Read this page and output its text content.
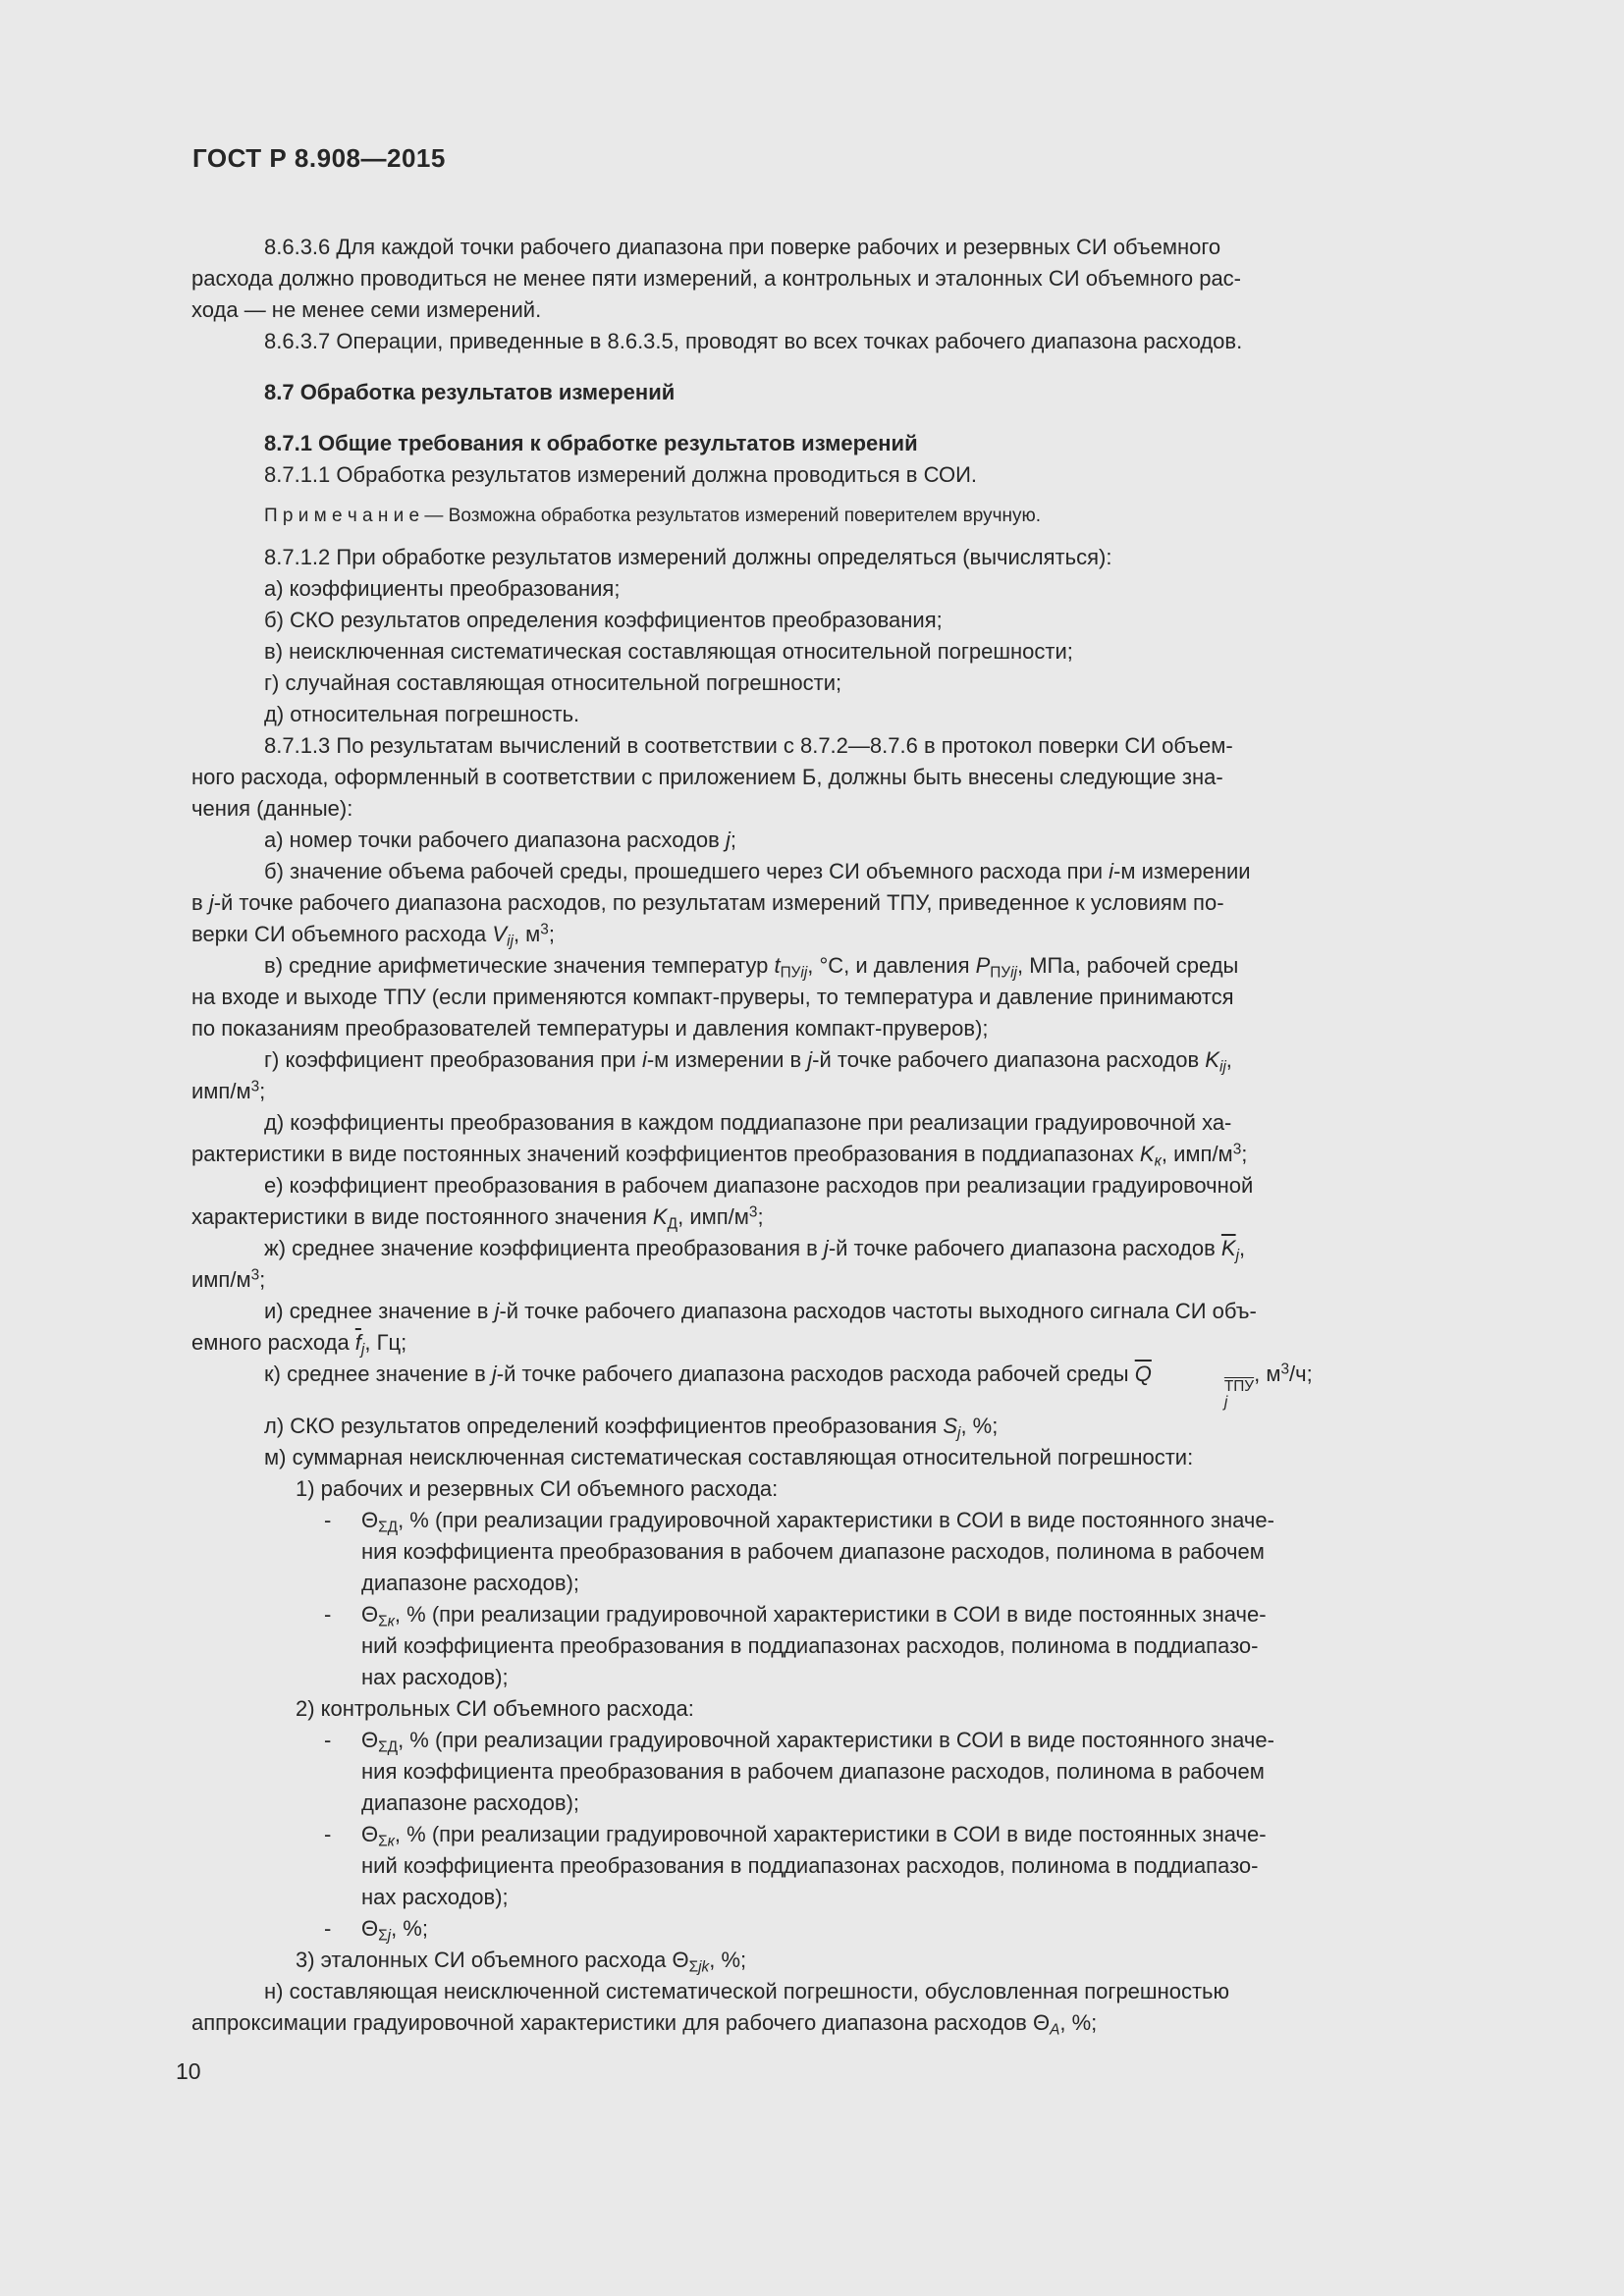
ГОСТ Р 8.908—2015

8.6.3.6 Для каждой точки рабочего диапазона при поверке рабочих и резервных СИ объемного
расхода должно проводиться не менее пяти измерений, а контрольных и эталонных СИ объемного рас-
хода — не менее семи измерений.

8.6.3.7 Операции, приведенные в 8.6.3.5, проводят во всех точках рабочего диапазона расходов.

8.7 Обработка результатов измерений

8.7.1 Общие требования к обработке результатов измерений

8.7.1.1 Обработка результатов измерений должна проводиться в СОИ.

П р и м е ч а н и е — Возможна обработка результатов измерений поверителем вручную.

8.7.1.2 При обработке результатов измерений должны определяться (вычисляться):

а) коэффициенты преобразования;

б) СКО результатов определения коэффициентов преобразования;

в) неисключенная систематическая составляющая относительной погрешности;

г) случайная составляющая относительной погрешности;

д) относительная погрешность.

8.7.1.3 По результатам вычислений в соответствии с 8.7.2—8.7.6 в протокол поверки СИ объем-
ного расхода, оформленный в соответствии с приложением Б, должны быть внесены следующие зна-
чения (данные):

а) номер точки рабочего диапазона расходов j;

б) значение объема рабочей среды, прошедшего через СИ объемного расхода при i-м измерении
в j-й точке рабочего диапазона расходов, по результатам измерений ТПУ, приведенное к условиям по-
верки СИ объемного расхода Vij, $м^3$;

в) средние арифметические значения температур $t_{ПУ}ij$, °С, и давления $P_{ПУ}ij$, МПа, рабочей среды
на входе и выходе ТПУ (если применяются компакт-пруверы, то температура и давление принимаются
по показаниям преобразователей температуры и давления компакт-пруверов);

г) коэффициент преобразования при i-м измерении в j-й точке рабочего диапазона расходов Kij,
имп/$м^3$;

д) коэффициенты преобразования в каждом поддиапазоне при реализации градуировочной ха-
рактеристики в виде постоянных значений коэффициентов преобразования в поддиапазонах Kк, имп/$м^3$;

е) коэффициент преобразования в рабочем диапазоне расходов при реализации градуировочной
характеристики в виде постоянного значения $K_Д$, имп/$м^3$;

ж) среднее значение коэффициента преобразования в j-й точке рабочего диапазона расходов $\overline{K}j$,
имп/$м^3$;

и) среднее значение в j-й точке рабочего диапазона расходов частоты выходного сигнала СИ объ-
емного расхода $\overline{f}j$, Гц;

к) среднее значение в j-й точке рабочего диапазона расходов расхода рабочей среды $\overline{Q}$
ТПУ
j
, $м^3/ч$;

л) СКО результатов определений коэффициентов преобразования Sj, %;

м) суммарная неисключенная систематическая составляющая относительной погрешности:

1) рабочих и резервных СИ объемного расхода:

- $\Theta_{\Sigma Д}$, % (при реализации градуировочной характеристики в СОИ в виде постоянного значе-
ния коэффициента преобразования в рабочем диапазоне расходов, полинома в рабочем
диапазоне расходов);

- $\Theta_\Sigma к$, % (при реализации градуировочной характеристики в СОИ в виде постоянных значе-
ний коэффициента преобразования в поддиапазонах расходов, полинома в поддиапазо-
нах расходов);

2) контрольных СИ объемного расхода:

- $\Theta_{\Sigma Д}$, % (при реализации градуировочной характеристики в СОИ в виде постоянного значе-
ния коэффициента преобразования в рабочем диапазоне расходов, полинома в рабочем
диапазоне расходов);

- $\Theta_\Sigma к$, % (при реализации градуировочной характеристики в СОИ в виде постоянных значе-
ний коэффициента преобразования в поддиапазонах расходов, полинома в поддиапазо-
нах расходов);

- $\Theta_\Sigma j$, %;

3) эталонных СИ объемного расхода $\Theta_\Sigma jk$, %;

н) составляющая неисключенной систематической погрешности, обусловленная погрешностью
аппроксимации градуировочной характеристики для рабочего диапазона расходов ΘА, %;

10
